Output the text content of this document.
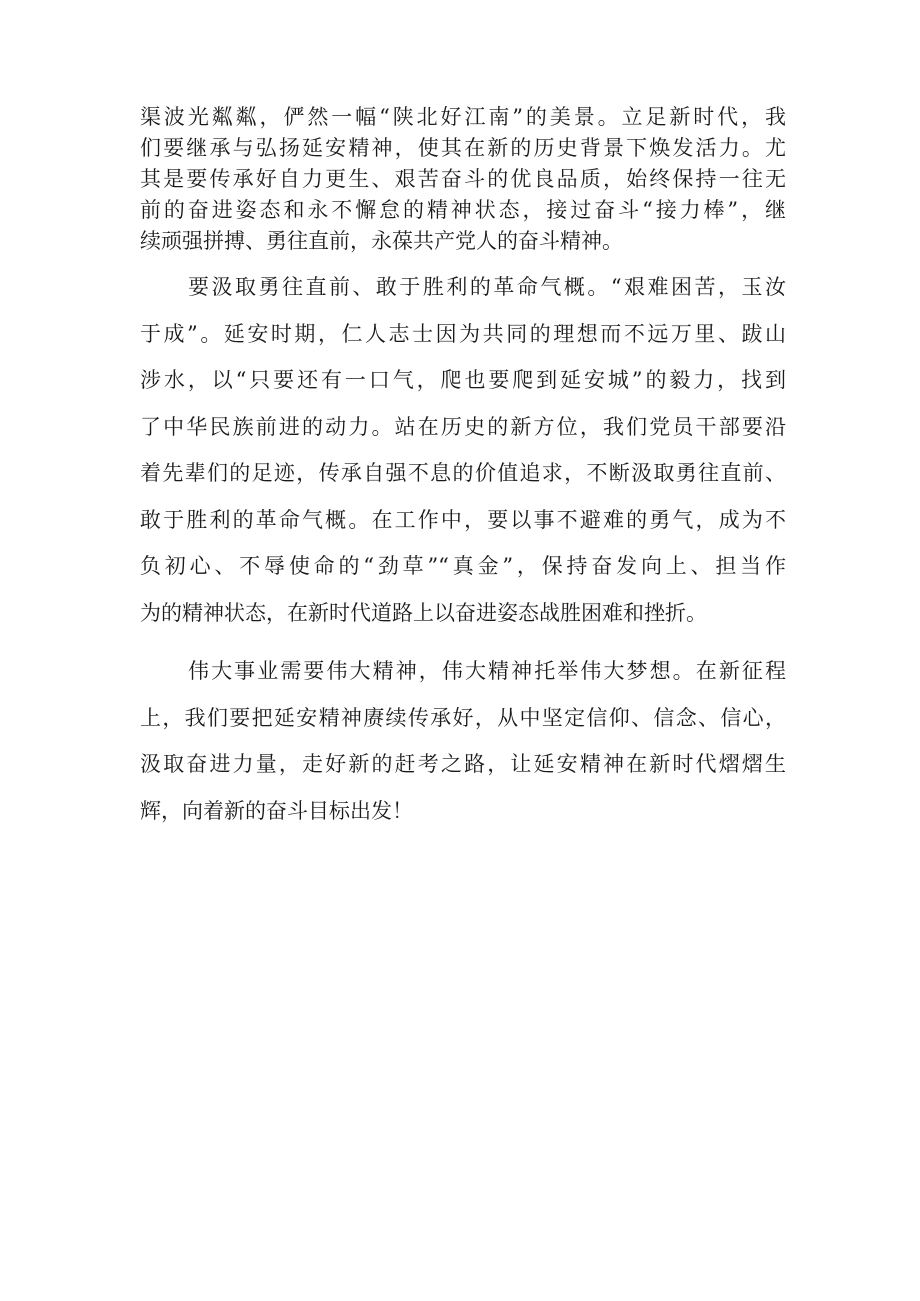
渠波光粼粼，俨然一幅“陕北好江南”的美景。立足新时代，我
们要继承与弘扬延安精神，使其在新的历史背景下焕发活力。尤
其是要传承好自力更生、艰苦奋斗的优良品质，始终保持一往无
前的奋进姿态和永不懈怠的精神状态，接过奋斗“接力棒”，继
续顽强拼搏、勇往直前，永葆共产党人的奋斗精神。
要汲取勇往直前、敢于胜利的革命气概。“艰难困苦，玉汝
于成”。延安时期，仁人志士因为共同的理想而不远万里、跋山
涉水，以“只要还有一口气，爬也要爬到延安城”的毅力，找到
了中华民族前进的动力。站在历史的新方位，我们党员干部要沿
着先辈们的足迹，传承自强不息的价值追求，不断汲取勇往直前、
敢于胜利的革命气概。在工作中，要以事不避难的勇气，成为不
负初心、不辱使命的“劲草”“真金”，保持奋发向上、担当作
为的精神状态，在新时代道路上以奋进姿态战胜困难和挫折。
伟大事业需要伟大精神，伟大精神托举伟大梦想。在新征程
上，我们要把延安精神赓续传承好，从中坚定信仰、信念、信心，
汲取奋进力量，走好新的赶考之路，让延安精神在新时代熠熠生
辉，向着新的奋斗目标出发！
